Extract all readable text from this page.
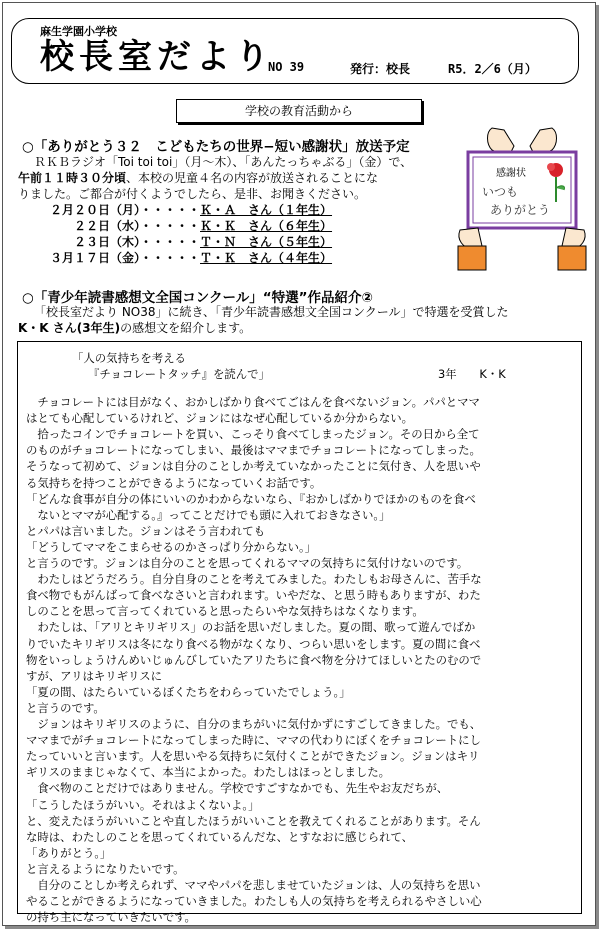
麻生学園小学校
校長室だより
NO 39	発行：校長	R5．2／6（月）
学校の教育活動から
○「ありがとう３２　こどもたちの世界−短い感謝状」放送予定
ＲＫＢラジオ「Toi toi toi」（月〜木）、「あんたっちゃぶる」（金）で、
午前１１時３０分頃、本校の児童４名の内容が放送されることにな
りました。ご都合が付くようでしたら、是非、お聞きください。
２月２０日（月）・・・・・Ｋ・Ａ　さん（１年生）
　　２２日（水）・・・・・Ｋ・Ｋ　さん（６年生）
　　２３日（木）・・・・・Ｔ・Ｎ　さん（５年生）
３月１７日（金）・・・・・Ｔ・Ｋ　さん（４年生）
感謝状
いつも
ありがとう
○「青少年読書感想文全国コンクール」“特選”作品紹介②
「校長室だより NO38」に続き、「青少年読書感想文全国コンクール」で特選を受賞した
K・K さん(3年生)の感想文を紹介します。
「人の気持ちを考える
『チョコレートタッチ』を読んで」	3年　　K・K
　チョコレートには目がなく、おかしばかり食べてごはんを食べないジョン。パパとママ
はとても心配しているけれど、ジョンにはなぜ心配しているか分からない。
　拾ったコインでチョコレートを買い、こっそり食べてしまったジョン。その日から全て
のものがチョコレートになってしまい、最後はママまでチョコレートになってしまった。
そうなって初めて、ジョンは自分のことしか考えていなかったことに気付き、人を思いや
る気持ちを持つことができるようになっていくお話です。
「どんな食事が自分の体にいいのかわからないなら、『おかしばかりでほかのものを食べ
　ないとママが心配する。』ってことだけでも頭に入れておきなさい。」
とパパは言いました。ジョンはそう言われても
「どうしてママをこまらせるのかさっぱり分からない。」
と言うのです。ジョンは自分のことを思ってくれるママの気持ちに気付けないのです。
　わたしはどうだろう。自分自身のことを考えてみました。わたしもお母さんに、苦手な
食べ物でもがんばって食べなさいと言われます。いやだな、と思う時もありますが、わた
しのことを思って言ってくれていると思ったらいやな気持ちはなくなります。
　わたしは、「アリとキリギリス」のお話を思いだしました。夏の間、歌って遊んでばか
りでいたキリギリスは冬になり食べる物がなくなり、つらい思いをします。夏の間に食べ
物をいっしょうけんめいじゅんびしていたアリたちに食べ物を分けてほしいとたのむので
すが、アリはキリギリスに
「夏の間、はたらいているぼくたちをわらっていたでしょう。」
と言うのです。
　ジョンはキリギリスのように、自分のまちがいに気付かずにすごしてきました。でも、
ママまでがチョコレートになってしまった時に、ママの代わりにぼくをチョコレートにし
たっていいと言います。人を思いやる気持ちに気付くことができたジョン。ジョンはキリ
ギリスのままじゃなくて、本当によかった。わたしはほっとしました。
　食べ物のことだけではありません。学校ですごすなかでも、先生やお友だちが、
「こうしたほうがいい。それはよくないよ。」
と、変えたほうがいいことや直したほうがいいことを教えてくれることがあります。そん
な時は、わたしのことを思ってくれているんだな、とすなおに感じられて、
「ありがとう。」
と言えるようになりたいです。
　自分のことしか考えられず、ママやパパを悲しませていたジョンは、人の気持ちを思い
やることができるようになっていきました。わたしも人の気持ちを考えられるやさしい心
の持ち主になっていきたいです。
